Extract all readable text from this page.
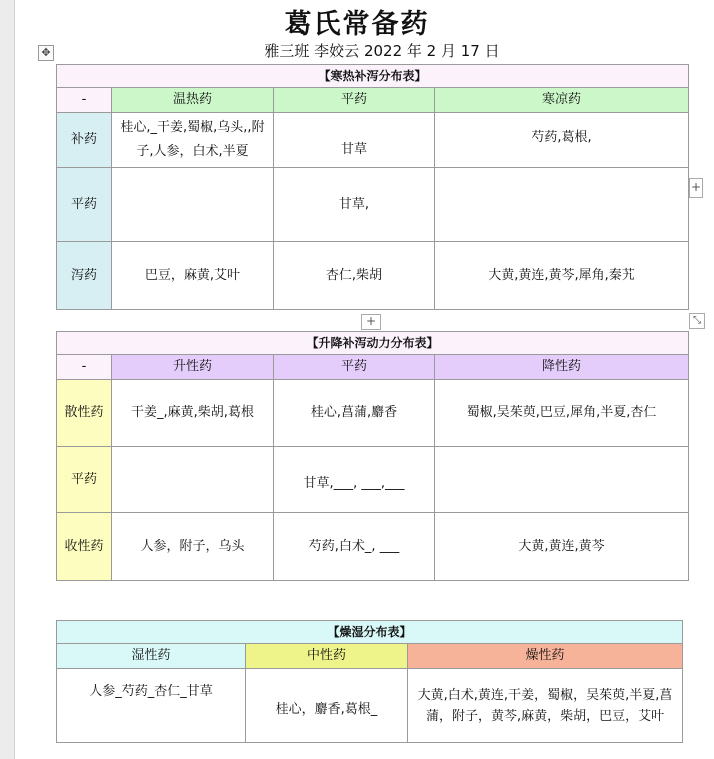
葛氏常备药
雅三班 李姣云 2022 年 2 月 17 日
✥
【寒热补泻分布表】			
-	温热药	平药	寒凉药
补药	桂心,_干姜,蜀椒,乌头,,附子,人参，白术,半夏	甘草	芍药,葛根,
平药		甘草,	
泻药	巴豆，麻黄,艾叶	杏仁,柴胡	大黄,黄连,黄芩,犀角,秦艽
+
+	⤡
【升降补泻动力分布表】			
-	升性药	平药	降性药
散性药	干姜_,麻黄,柴胡,葛根	桂心,菖蒲,麝香	蜀椒,吴茱萸,巴豆,犀角,半夏,杏仁
平药		甘草,___, ___,___	
收性药	人参，附子，乌头	芍药,白术_, ___	大黄,黄连,黄芩
【燥湿分布表】		
湿性药	中性药	燥性药
人参_芍药_杏仁_甘草	桂心，麝香,葛根_	大黄,白术,黄连,干姜，蜀椒，吴茱萸,半夏,菖蒲，附子，黄芩,麻黄，柴胡，巴豆，艾叶
